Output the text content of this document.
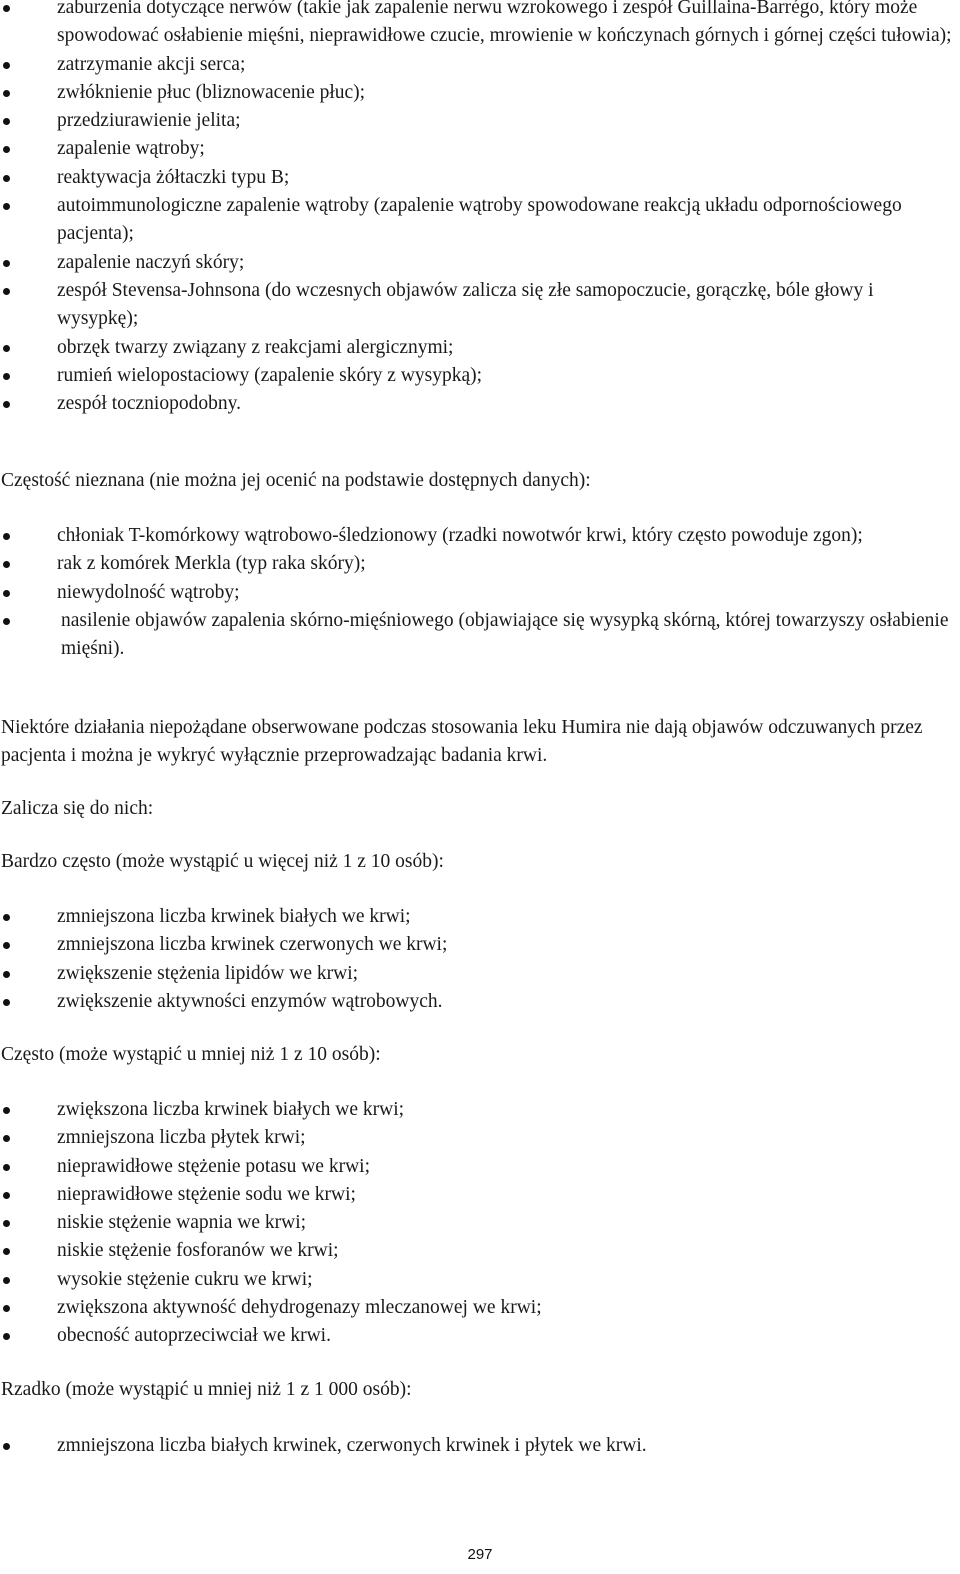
zaburzenia dotyczące nerwów (takie jak zapalenie nerwu wzrokowego i zespół Guillaina-Barrégo, który może spowodować osłabienie mięśni, nieprawidłowe czucie, mrowienie w kończynach górnych i górnej części tułowia);
zatrzymanie akcji serca;
zwłóknienie płuc (bliznowacenie płuc);
przedziurawienie jelita;
zapalenie wątroby;
reaktywacja żółtaczki typu B;
autoimmunologiczne zapalenie wątroby (zapalenie wątroby spowodowane reakcją układu odpornościowego pacjenta);
zapalenie naczyń skóry;
zespół Stevensa-Johnsona (do wczesnych objawów zalicza się złe samopoczucie, gorączkę, bóle głowy i wysypkę);
obrzęk twarzy związany z reakcjami alergicznymi;
rumień wielopostaciowy (zapalenie skóry z wysypką);
zespół toczniopodobny.

Częstość nieznana (nie można jej ocenić na podstawie dostępnych danych):

chłoniak T-komórkowy wątrobowo-śledzionowy (rzadki nowotwór krwi, który często powoduje zgon);
rak z komórek Merkla (typ raka skóry);
niewydolność wątroby;
nasilenie objawów zapalenia skórno-mięśniowego (objawiające się wysypką skórną, której towarzyszy osłabienie mięśni).

Niektóre działania niepożądane obserwowane podczas stosowania leku Humira nie dają objawów odczuwanych przez pacjenta i można je wykryć wyłącznie przeprowadzając badania krwi.

Zalicza się do nich:

Bardzo często (może wystąpić u więcej niż 1 z 10 osób):

zmniejszona liczba krwinek białych we krwi;
zmniejszona liczba krwinek czerwonych we krwi;
zwiększenie stężenia lipidów we krwi;
zwiększenie aktywności enzymów wątrobowych.

Często (może wystąpić u mniej niż 1 z 10 osób):

zwiększona liczba krwinek białych we krwi;
zmniejszona liczba płytek krwi;
nieprawidłowe stężenie potasu we krwi;
nieprawidłowe stężenie sodu we krwi;
niskie stężenie wapnia we krwi;
niskie stężenie fosforanów we krwi;
wysokie stężenie cukru we krwi;
zwiększona aktywność dehydrogenazy mleczanowej we krwi;
obecność autoprzeciwciał we krwi.

Rzadko (może wystąpić u mniej niż 1 z 1 000 osób):

zmniejszona liczba białych krwinek, czerwonych krwinek i płytek we krwi.
297
